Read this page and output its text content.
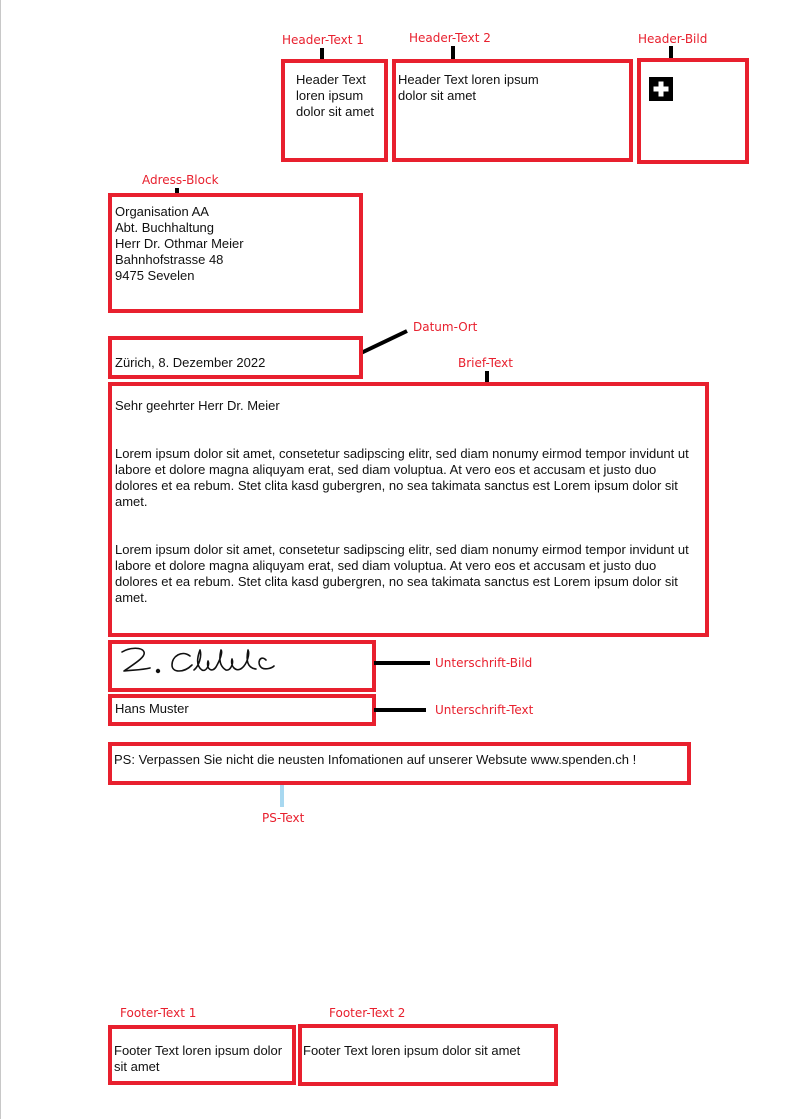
Header-Text 1
Header Text
loren ipsum
dolor sit amet
Header-Text 2
Header Text loren ipsum
dolor sit amet
Header-Bild
Adress-Block
Organisation AA
Abt. Buchhaltung
Herr Dr. Othmar Meier
Bahnhofstrasse 48
9475 Sevelen
Datum-Ort
Zürich, 8. Dezember 2022	Brief-Text

Sehr geehrter Herr Dr. Meier

Lorem ipsum dolor sit amet, consetetur sadipscing elitr, sed diam nonumy eirmod tempor invidunt ut labore et dolore magna aliquyam erat, sed diam voluptua. At vero eos et accusam et justo duo dolores et ea rebum. Stet clita kasd gubergren, no sea takimata sanctus est Lorem ipsum dolor sit amet.

Lorem ipsum dolor sit amet, consetetur sadipscing elitr, sed diam nonumy eirmod tempor invidunt ut labore et dolore magna aliquyam erat, sed diam voluptua. At vero eos et accusam et justo duo dolores et ea rebum. Stet clita kasd gubergren, no sea takimata sanctus est Lorem ipsum dolor sit amet.

Unterschrift-Bild
Hans Muster	Unterschrift-Text
PS: Verpassen Sie nicht die neusten Infomationen auf unserer Websute www.spenden.ch !
PS-Text
Footer-Text 1
Footer Text loren ipsum dolor
sit amet
Footer-Text 2
Footer Text loren ipsum dolor sit amet
